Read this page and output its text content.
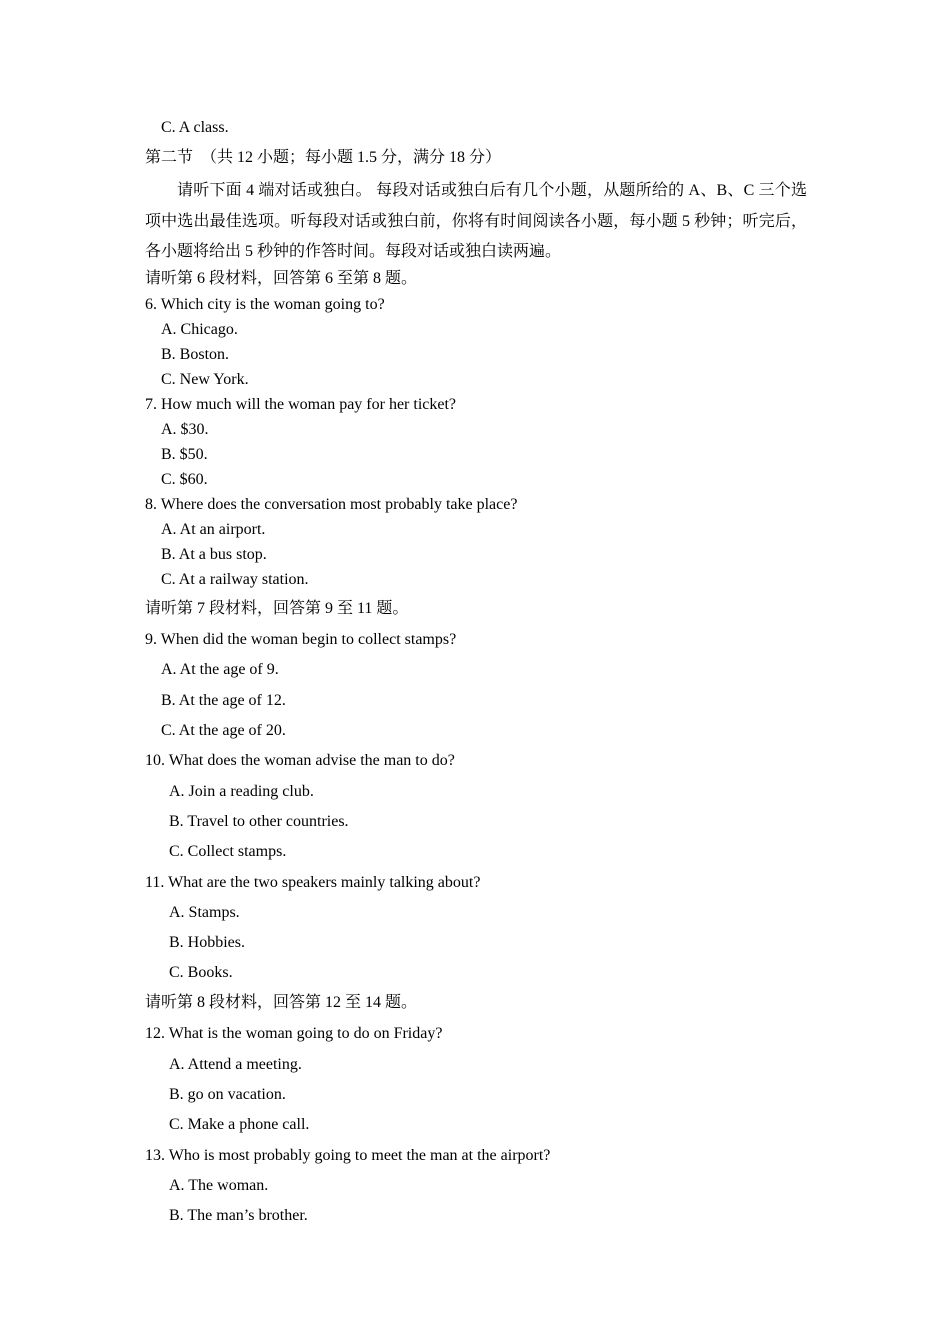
请听下面 4 端对话或独白。 每段对话或独白后有几个小题，从题所给的 A、B、C 三个选项中选出最佳选项。听每段对话或独白前，你将有时间阅读各小题，每小题 5 秒钟；听完后，各小题将给出 5 秒钟的作答时间。每段对话或独白读两遍。
C. A class.
第二节　（共 12 小题；每小题 1.5 分，满分 18 分）
请听第 6 段材料，回答第 6 至第 8 题。
6. Which city is the woman going to?
A. Chicago.
B. Boston.
C. New York.
7. How much will the woman pay for her ticket?
A. $30.
B. $50.
C. $60.
8. Where does the conversation most probably take place?
A. At an airport.
B. At a bus stop.
C. At a railway station.
请听第 7 段材料，回答第 9 至 11 题。
9. When did the woman begin to collect stamps?
A. At the age of 9.
B. At the age of 12.
C. At the age of 20.
10. What does the woman advise the man to do?
A. Join a reading club.
B. Travel to other countries.
C. Collect stamps.
11. What are the two speakers mainly talking about?
A. Stamps.
B. Hobbies.
C. Books.
请听第 8 段材料，回答第 12 至 14 题。
12. What is the woman going to do on Friday?
A. Attend a meeting.
B. go on vacation.
C. Make a phone call.
13. Who is most probably going to meet the man at the airport?
A. The woman.
B. The man’s brother.
